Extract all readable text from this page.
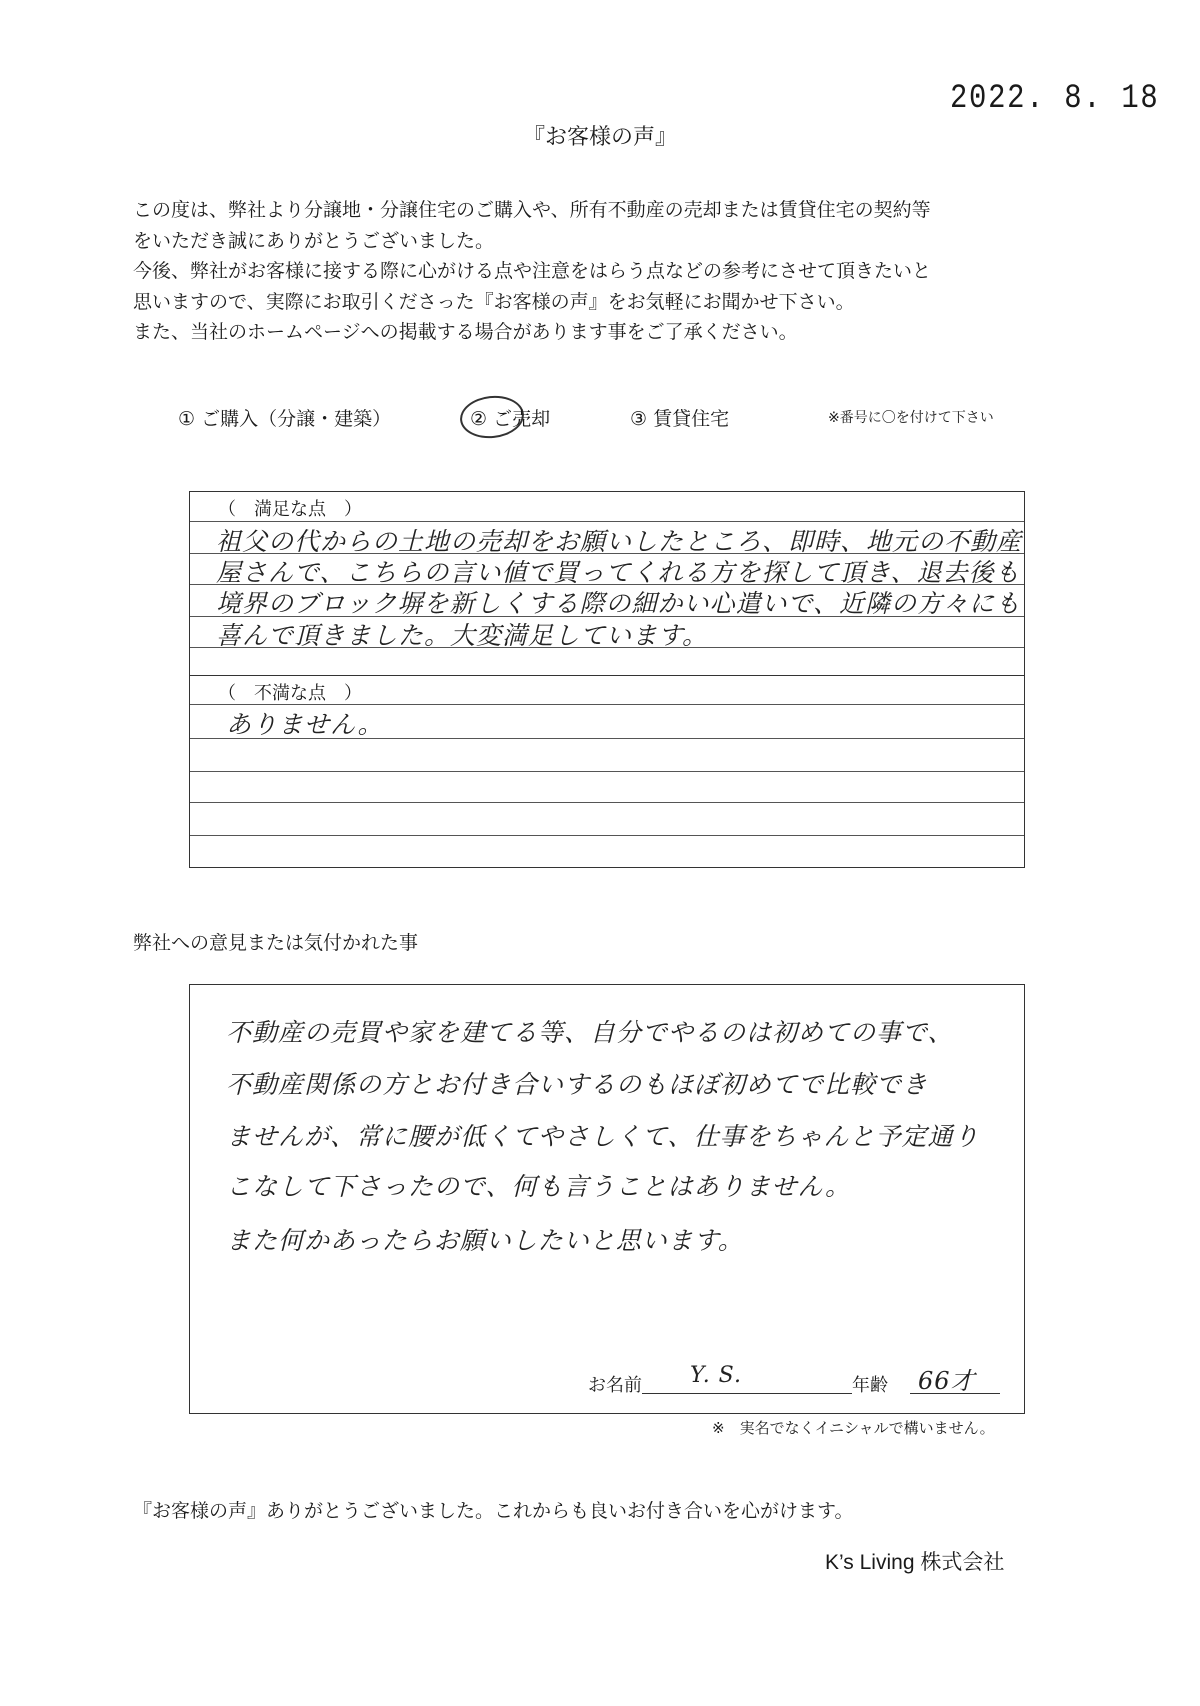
2022. 8. 18
『お客様の声』

この度は、弊社より分譲地・分譲住宅のご購入や、所有不動産の売却または賃貸住宅の契約等

をいただき誠にありがとうございました。

今後、弊社がお客様に接する際に心がける点や注意をはらう点などの参考にさせて頂きたいと

思いますので、実際にお取引くださった『お客様の声』をお気軽にお聞かせ下さい。

また、当社のホームページへの掲載する場合があります事をご了承ください。

① ご購入（分譲・建築）	② ご売却	③ 賃貸住宅	※番号に〇を付けて下さい
（　満足な点　）
祖父の代からの土地の売却をお願いしたところ、即時、地元の不動産
屋さんで、こちらの言い値で買ってくれる方を探して頂き、退去後も
境界のブロック塀を新しくする際の細かい心遣いで、近隣の方々にも
喜んで頂きました。大変満足しています。
（　不満な点　）
ありません。
弊社への意見または気付かれた事
不動産の売買や家を建てる等、自分でやるのは初めての事で、
不動産関係の方とお付き合いするのもほぼ初めてで比較でき
ませんが、常に腰が低くてやさしくて、仕事をちゃんと予定通り
こなして下さったので、何も言うことはありません。
また何かあったらお願いしたいと思います。
お名前 Y. S.	年齢 66才
※　実名でなくイニシャルで構いません。
『お客様の声』ありがとうございました。これからも良いお付き合いを心がけます。
K’s Living 株式会社
